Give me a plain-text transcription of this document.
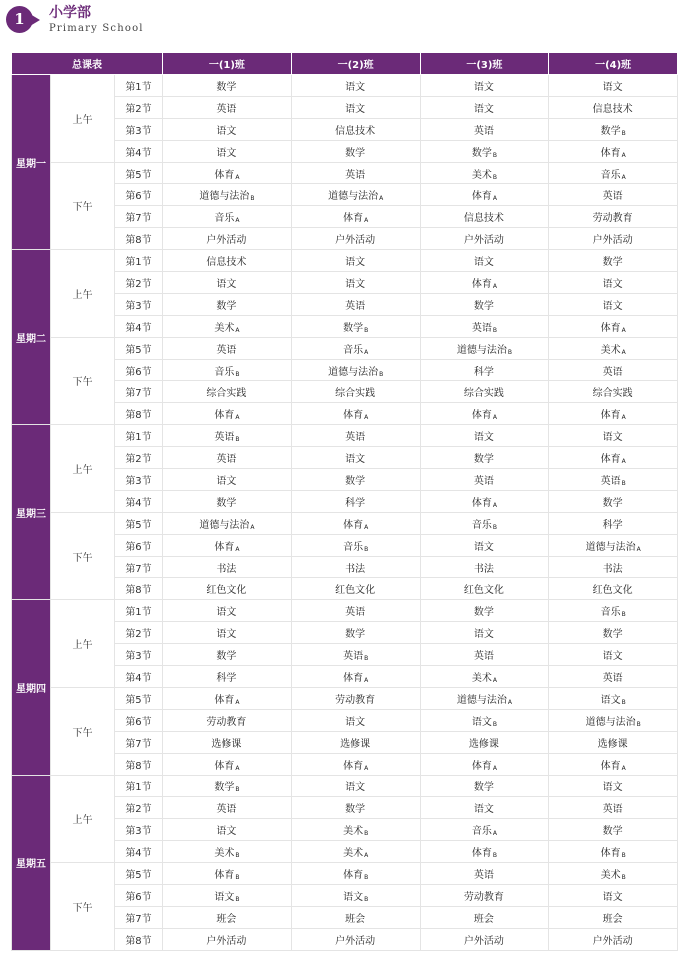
1	小学部
Primary School
总课表			一(1)班	一(2)班	一(3)班	一(4)班
星期一	上午	第1节	数学	语文	语文	语文
		第2节	英语	语文	语文	信息技术
		第3节	语文	信息技术	英语	数学$_B$
		第4节	语文	数学	数学$_B$	体育$_A$
	下午	第5节	体育$_A$	英语	美术$_B$	音乐$_A$
		第6节	道德与法治$_B$	道德与法治$_A$	体育$_A$	英语
		第7节	音乐$_A$	体育$_A$	信息技术	劳动教育
		第8节	户外活动	户外活动	户外活动	户外活动
星期二	上午	第1节	信息技术	语文	语文	数学
		第2节	语文	语文	体育$_A$	语文
		第3节	数学	英语	数学	语文
		第4节	美术$_A$	数学$_B$	英语$_B$	体育$_A$
	下午	第5节	英语	音乐$_A$	道德与法治$_B$	美术$_A$
		第6节	音乐$_B$	道德与法治$_B$	科学	英语
		第7节	综合实践	综合实践	综合实践	综合实践
		第8节	体育$_A$	体育$_A$	体育$_A$	体育$_A$
星期三	上午	第1节	英语$_B$	英语	语文	语文
		第2节	英语	语文	数学	体育$_A$
		第3节	语文	数学	英语	英语$_B$
		第4节	数学	科学	体育$_A$	数学
	下午	第5节	道德与法治$_A$	体育$_A$	音乐$_B$	科学
		第6节	体育$_A$	音乐$_B$	语文	道德与法治$_A$
		第7节	书法	书法	书法	书法
		第8节	红色文化	红色文化	红色文化	红色文化
星期四	上午	第1节	语文	英语	数学	音乐$_B$
		第2节	语文	数学	语文	数学
		第3节	数学	英语$_B$	英语	语文
		第4节	科学	体育$_A$	美术$_A$	英语
	下午	第5节	体育$_A$	劳动教育	道德与法治$_A$	语文$_B$
		第6节	劳动教育	语文	语文$_B$	道德与法治$_B$
		第7节	选修课	选修课	选修课	选修课
		第8节	体育$_A$	体育$_A$	体育$_A$	体育$_A$
星期五	上午	第1节	数学$_B$	语文	数学	语文
		第2节	英语	数学	语文	英语
		第3节	语文	美术$_B$	音乐$_A$	数学
		第4节	美术$_B$	美术$_A$	体育$_B$	体育$_B$
	下午	第5节	体育$_B$	体育$_B$	英语	美术$_B$
		第6节	语文$_B$	语文$_B$	劳动教育	语文
		第7节	班会	班会	班会	班会
		第8节	户外活动	户外活动	户外活动	户外活动
